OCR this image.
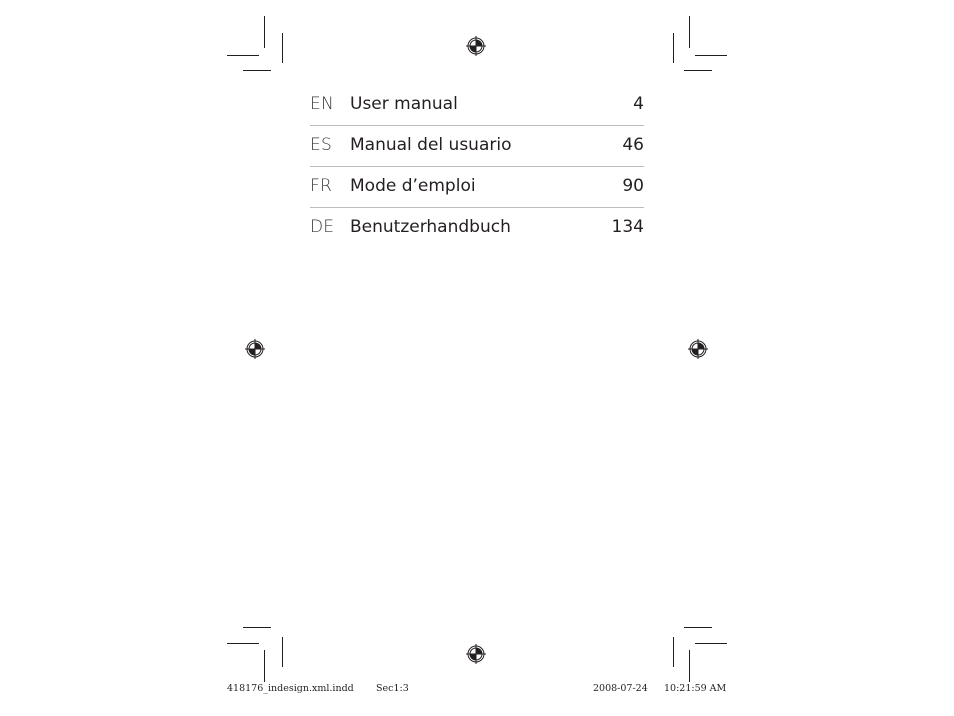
EN User manual	4
ES Manual del usuario	46
FR Mode d’emploi	90
DE Benutzerhandbuch	134
418176_indesign.xml.indd Sec1:3	2008-07-24 10:21:59 AM
